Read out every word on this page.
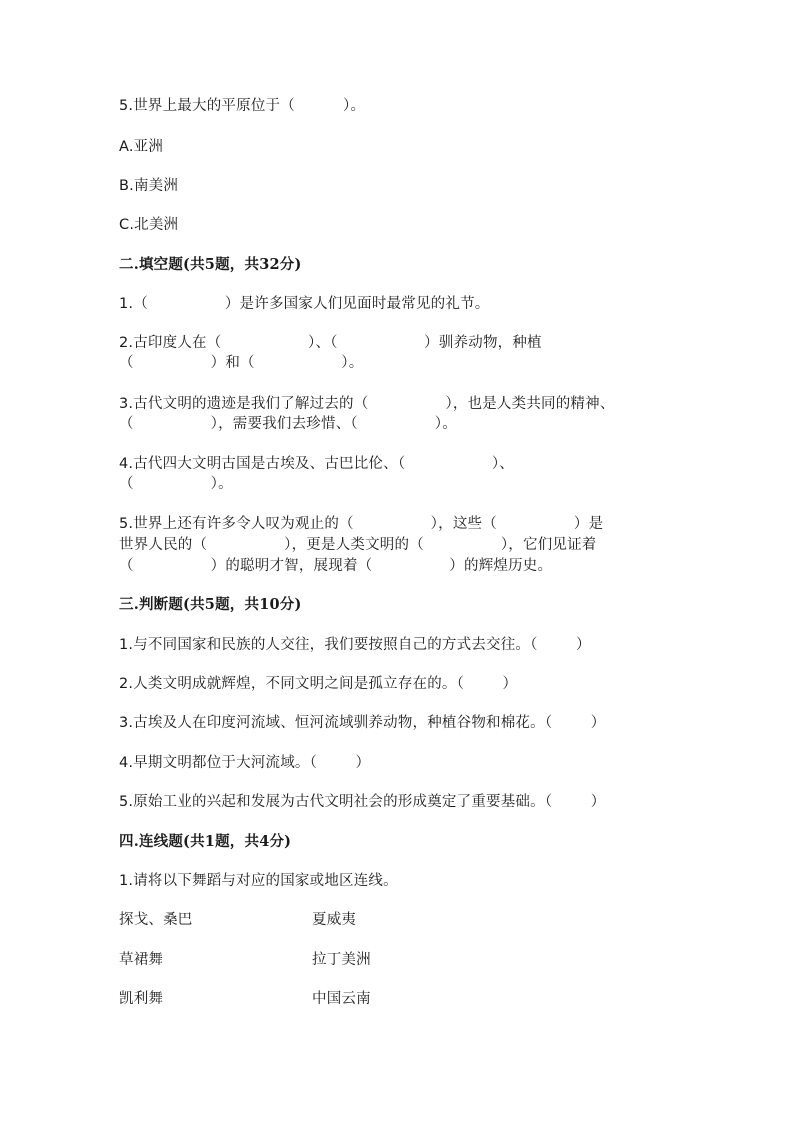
5.世界上最大的平原位于（          ）。
A.亚洲
B.南美洲
C.北美洲
二.填空题(共5题，共32分)
1.（                ）是许多国家人们见面时最常见的礼节。
2.古印度人在（                  ）、（                  ）驯养动物，种植
（                ）和（                  ）。
3.古代文明的遗迹是我们了解过去的（                ），也是人类共同的精神、
（                ），需要我们去珍惜、（                ）。
4.古代四大文明古国是古埃及、古巴比伦、（                  ）、
（                ）。
5.世界上还有许多令人叹为观止的（                ），这些（                ）是
世界人民的（                ），更是人类文明的（                ），它们见证着
（                ）的聪明才智，展现着（                ）的辉煌历史。
三.判断题(共5题，共10分)
1.与不同国家和民族的人交往，我们要按照自己的方式去交往。（        ）
2.人类文明成就辉煌，不同文明之间是孤立存在的。（        ）
3.古埃及人在印度河流域、恒河流域驯养动物，种植谷物和棉花。（        ）
4.早期文明都位于大河流域。（        ）
5.原始工业的兴起和发展为古代文明社会的形成奠定了重要基础。（        ）
四.连线题(共1题，共4分)
1.请将以下舞蹈与对应的国家或地区连线。
探戈、桑巴	夏威夷
草裙舞	拉丁美洲
凯利舞	中国云南
